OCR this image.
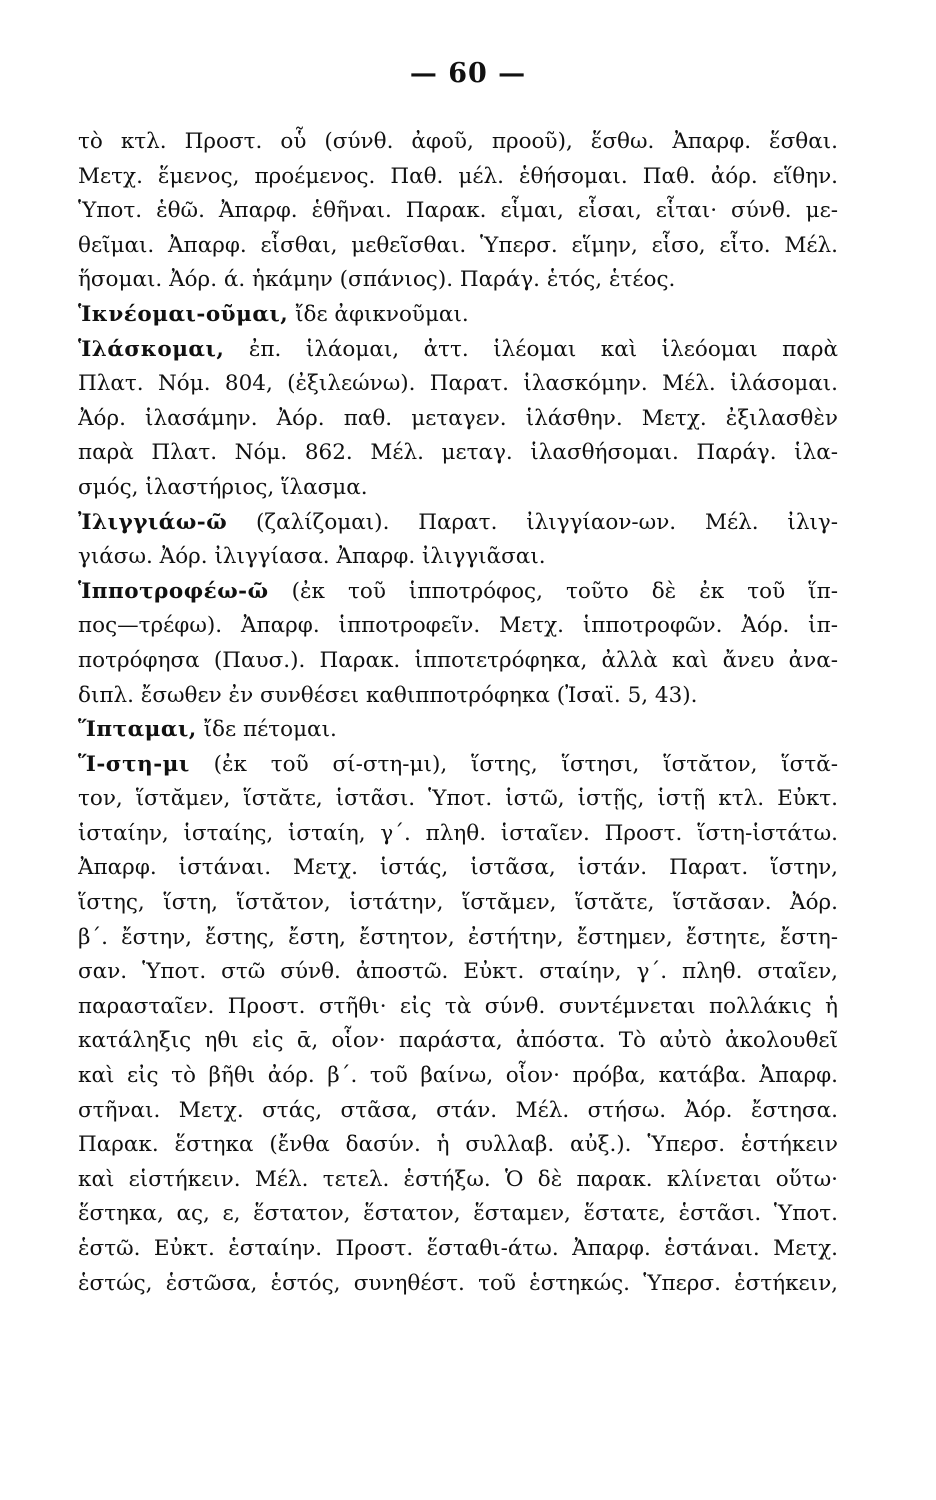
— 60 —
τὸ κτλ. Προστ. οὗ (σύνθ. ἀφοῦ, προοῦ), ἕσθω. Ἀπαρφ. ἕσθαι.
Μετχ. ἕμενος, προέμενος. Παθ. μέλ. ἑθήσομαι. Παθ. ἀόρ. εἵθην.
Ὑποτ. ἑθῶ. Ἀπαρφ. ἑθῆναι. Παρακ. εἷμαι, εἷσαι, εἷται· σύνθ. με-
θεῖμαι. Ἀπαρφ. εἷσθαι, μεθεῖσθαι. Ὑπερσ. εἵμην, εἷσο, εἷτο. Μέλ.
ἥσομαι. Ἀόρ. ά. ἡκάμην (σπάνιος). Παράγ. ἑτός, ἑτέος.
Ἱκνέομαι-οῦμαι, ἴδε ἀφικνοῦμαι.
Ἱλάσκομαι, ἐπ. ἱλάομαι, ἀττ. ἱλέομαι καὶ ἱλεόομαι παρὰ
Πλατ. Νόμ. 804, (ἐξιλεώνω). Παρατ. ἱλασκόμην. Μέλ. ἱλάσομαι.
Ἀόρ. ἱλασάμην. Ἀόρ. παθ. μεταγεν. ἱλάσθην. Μετχ. ἐξιλασθὲν
παρὰ Πλατ. Νόμ. 862. Μέλ. μεταγ. ἱλασθήσομαι. Παράγ. ἱλα-
σμός, ἱλαστήριος, ἵλασμα.
Ἰλιγγιάω-ῶ (ζαλίζομαι). Παρατ. ἰλιγγίαον-ων. Μέλ. ἰλιγ-
γιάσω. Ἀόρ. ἰλιγγίασα. Ἀπαρφ. ἰλιγγιᾶσαι.
Ἱπποτροφέω-ῶ (ἐκ τοῦ ἱπποτρόφος, τοῦτο δὲ ἐκ τοῦ ἵπ-
πος—τρέφω). Ἀπαρφ. ἱπποτροφεῖν. Μετχ. ἱπποτροφῶν. Ἀόρ. ἱπ-
ποτρόφησα (Παυσ.). Παρακ. ἱπποτετρόφηκα, ἀλλὰ καὶ ἄνευ ἀνα-
διπλ. ἔσωθεν ἐν συνθέσει καθιπποτρόφηκα (Ἰσαϊ. 5, 43).
Ἵπταμαι, ἴδε πέτομαι.
Ἵ-στη-μι (ἐκ τοῦ σί-στη-μι), ἵστης, ἵστησι, ἵστᾰτον, ἵστᾰ-
τον, ἵστᾰμεν, ἵστᾰτε, ἱστᾶσι. Ὑποτ. ἱστῶ, ἱστῇς, ἱστῇ κτλ. Εὐκτ.
ἱσταίην, ἱσταίης, ἱσταίη, γ΄. πληθ. ἱσταῖεν. Προστ. ἵστη-ἱστάτω.
Ἀπαρφ. ἱστάναι. Μετχ. ἱστάς, ἱστᾶσα, ἱστάν. Παρατ. ἵστην,
ἵστης, ἵστη, ἵστᾰτον, ἱστάτην, ἵστᾰμεν, ἵστᾰτε, ἵστᾰσαν. Ἀόρ.
β΄. ἔστην, ἔστης, ἔστη, ἔστητον, ἐστήτην, ἔστημεν, ἔστητε, ἔστη-
σαν. Ὑποτ. στῶ σύνθ. ἀποστῶ. Εὐκτ. σταίην, γ΄. πληθ. σταῖεν,
παρασταῖεν. Προστ. στῆθι· εἰς τὰ σύνθ. συντέμνεται πολλάκις ἡ
κατάληξις ηθι εἰς ᾱ, οἷον· παράστα, ἀπόστα. Τὸ αὐτὸ ἀκολουθεῖ
καὶ εἰς τὸ βῆθι ἀόρ. β΄. τοῦ βαίνω, οἷον· πρόβα, κατάβα. Ἀπαρφ.
στῆναι. Μετχ. στάς, στᾶσα, στάν. Μέλ. στήσω. Ἀόρ. ἔστησα.
Παρακ. ἕστηκα (ἔνθα δασύν. ἡ συλλαβ. αὐξ.). Ὑπερσ. ἑστήκειν
καὶ εἱστήκειν. Μέλ. τετελ. ἑστήξω. Ὁ δὲ παρακ. κλίνεται οὕτω·
ἕστηκα, ας, ε, ἕστατον, ἕστατον, ἕσταμεν, ἕστατε, ἑστᾶσι. Ὑποτ.
ἑστῶ. Εὐκτ. ἑσταίην. Προστ. ἕσταθι-άτω. Ἀπαρφ. ἑστάναι. Μετχ.
ἑστώς, ἑστῶσα, ἑστός, συνηθέστ. τοῦ ἑστηκώς. Ὑπερσ. ἑστήκειν,
